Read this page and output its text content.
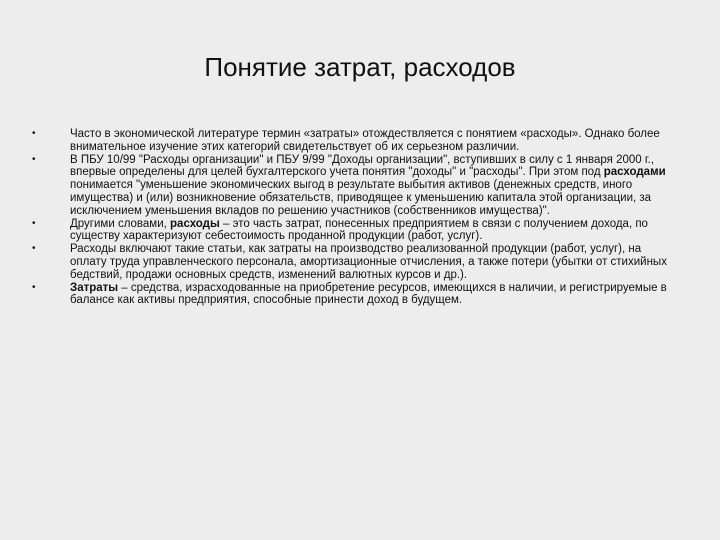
Понятие затрат, расходов
•	Часто в экономической литературе термин «затраты» отождествляется с понятием «расходы». Однако более внимательное изучение этих категорий свидетельствует об их серьезном различии.
•	В ПБУ 10/99 "Расходы организации" и ПБУ 9/99 "Доходы организации", вступивших в силу с 1 января 2000 г., впервые определены для целей бухгалтерского учета понятия "доходы" и "расходы". При этом под расходами понимается "уменьшение экономических выгод в результате выбытия активов (денежных средств, иного имущества) и (или) возникновение обязательств, приводящее к уменьшению капитала этой организации, за исключением уменьшения вкладов по решению участников (собственников имущества)".
•	Другими словами, расходы – это часть затрат, понесенных предприятием в связи с получением дохода, по существу характеризуют себестоимость проданной продукции (работ, услуг).
•	Расходы включают такие статьи, как затраты на производство реализованной продукции (работ, услуг), на оплату труда управленческого персонала, амортизационные отчисления, а также потери (убытки от стихийных бедствий, продажи основных средств, изменений валютных курсов и др.).
•	Затраты – средства, израсходованные на приобретение ресурсов, имеющихся в наличии, и регистрируемые в балансе как активы предприятия, способные принести доход в будущем.
